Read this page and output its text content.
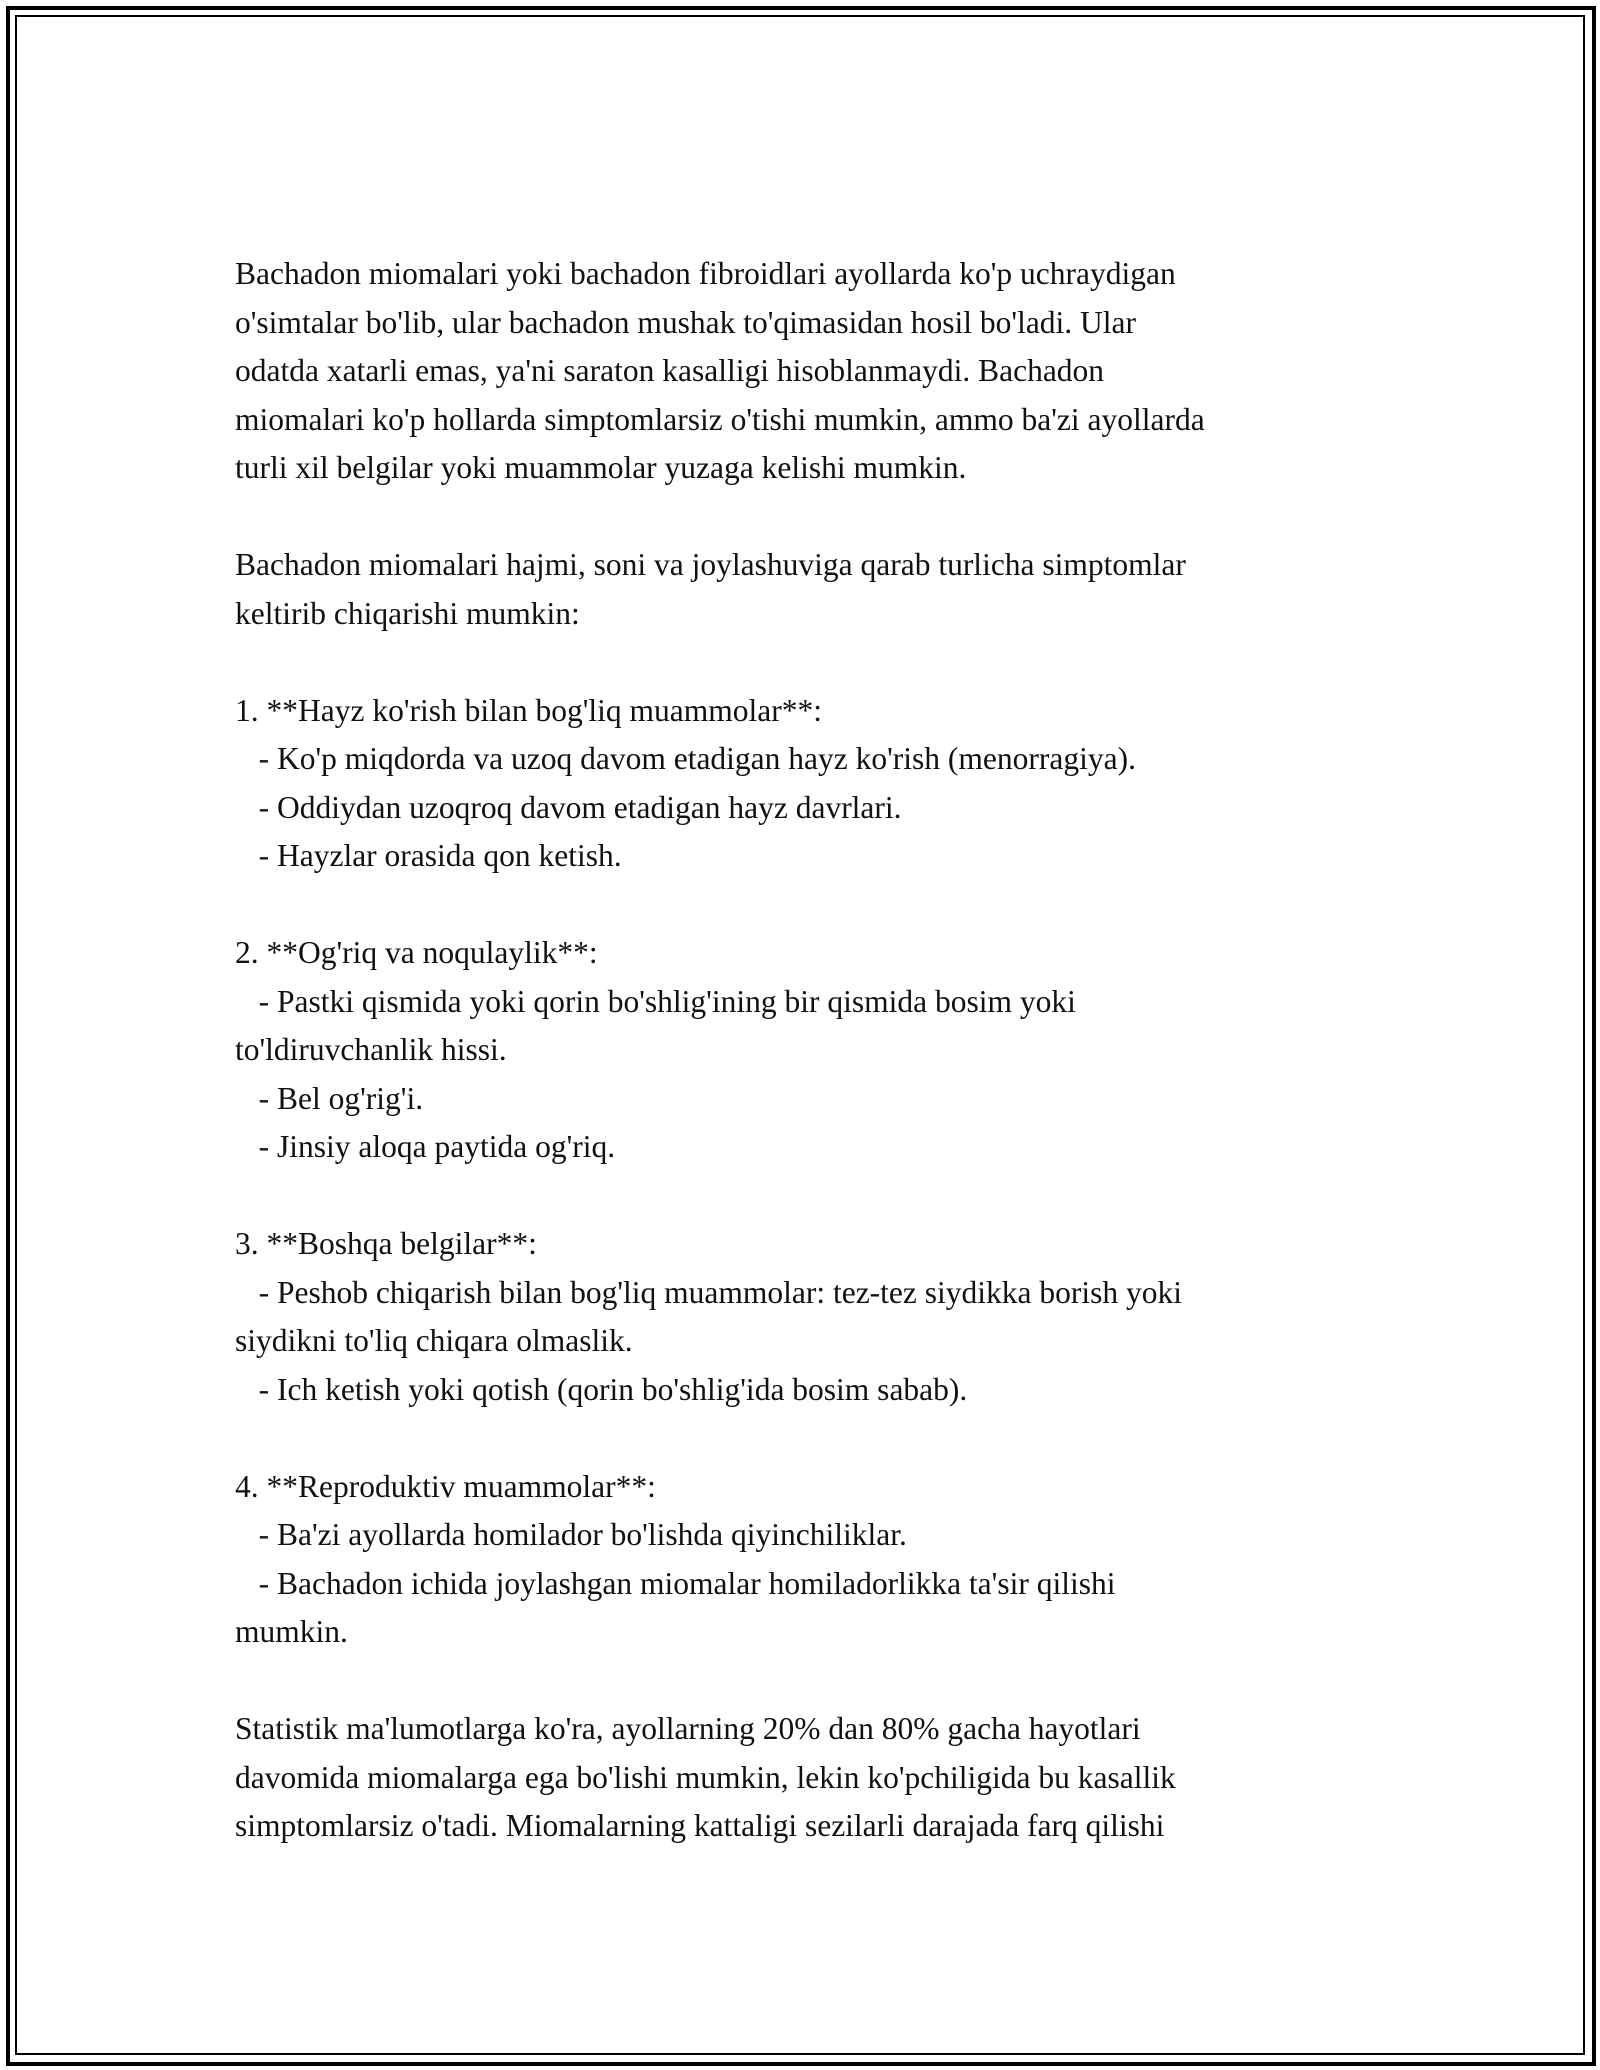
Bachadon miomalari yoki bachadon fibroidlari ayollarda ko'p uchraydigan
o'simtalar bo'lib, ular bachadon mushak to'qimasidan hosil bo'ladi. Ular
odatda xatarli emas, ya'ni saraton kasalligi hisoblanmaydi. Bachadon
miomalari ko'p hollarda simptomlarsiz o'tishi mumkin, ammo ba'zi ayollarda
turli xil belgilar yoki muammolar yuzaga kelishi mumkin.
Bachadon miomalari hajmi, soni va joylashuviga qarab turlicha simptomlar
keltirib chiqarishi mumkin:
1. **Hayz ko'rish bilan bog'liq muammolar**:
- Ko'p miqdorda va uzoq davom etadigan hayz ko'rish (menorragiya).
- Oddiydan uzoqroq davom etadigan hayz davrlari.
- Hayzlar orasida qon ketish.
2. **Og'riq va noqulaylik**:
- Pastki qismida yoki qorin bo'shlig'ining bir qismida bosim yoki
to'ldiruvchanlik hissi.
- Bel og'rig'i.
- Jinsiy aloqa paytida og'riq.
3. **Boshqa belgilar**:
- Peshob chiqarish bilan bog'liq muammolar: tez-tez siydikka borish yoki
siydikni to'liq chiqara olmaslik.
- Ich ketish yoki qotish (qorin bo'shlig'ida bosim sabab).
4. **Reproduktiv muammolar**:
- Ba'zi ayollarda homilador bo'lishda qiyinchiliklar.
- Bachadon ichida joylashgan miomalar homiladorlikka ta'sir qilishi
mumkin.
Statistik ma'lumotlarga ko'ra, ayollarning 20% dan 80% gacha hayotlari
davomida miomalarga ega bo'lishi mumkin, lekin ko'pchiligida bu kasallik
simptomlarsiz o'tadi. Miomalarning kattaligi sezilarli darajada farq qilishi
